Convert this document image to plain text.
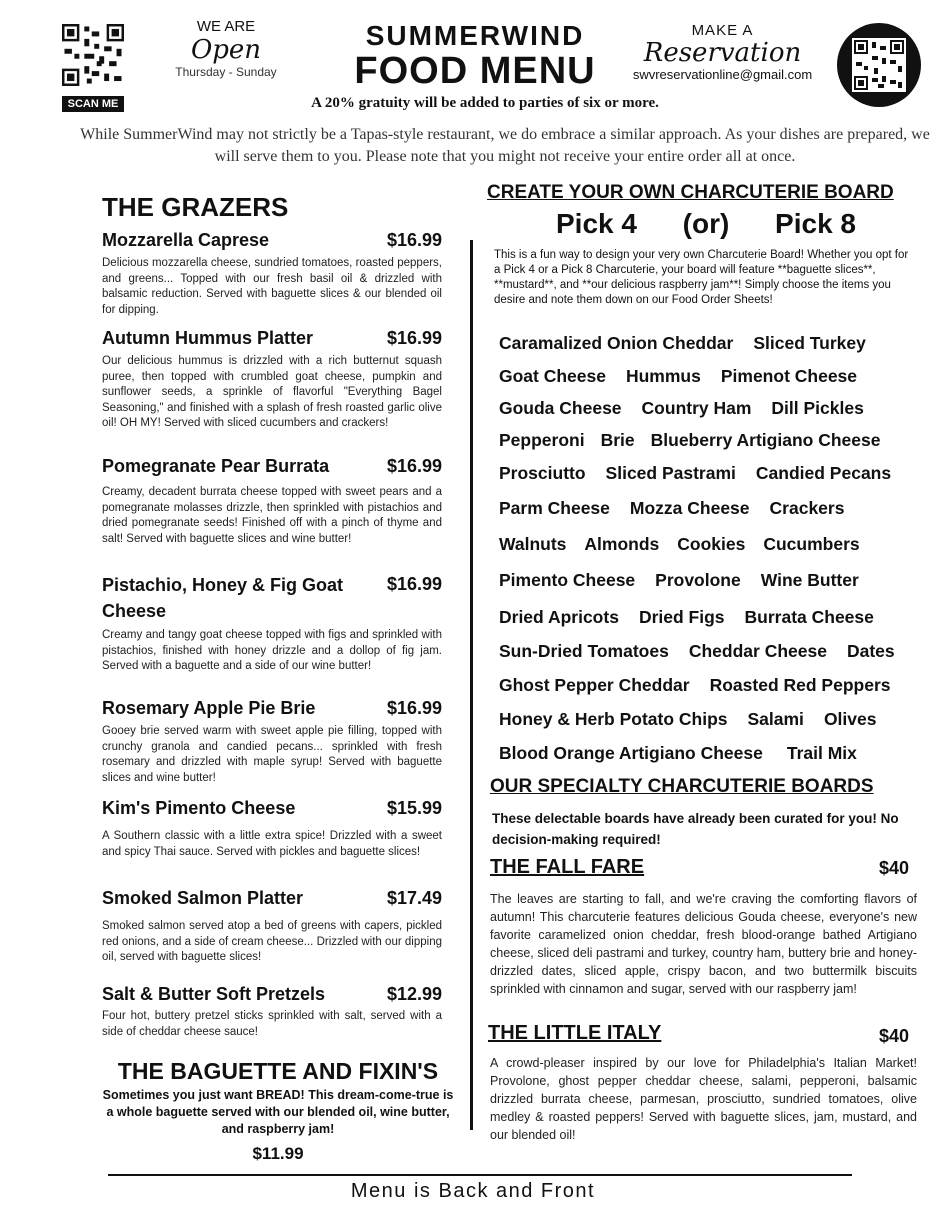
SCAN ME
WE ARE
Open
Thursday - Sunday
SUMMERWIND
FOOD MENU
MAKE A
Reservation
swvreservationline@gmail.com
A 20% gratuity will be added to parties of six or more.
While SummerWind may not strictly be a Tapas-style restaurant, we do embrace a similar approach. As your dishes are prepared, we will serve them to you. Please note that you might not receive your entire order all at once.
THE GRAZERS
Mozzarella Caprese	$16.99
Delicious mozzarella cheese, sundried tomatoes, roasted peppers, and greens... Topped with our fresh basil oil & drizzled with balsamic reduction. Served with baguette slices & our blended oil for dipping.
Autumn Hummus Platter	$16.99
Our delicious hummus is drizzled with a rich butternut squash puree, then topped with crumbled goat cheese, pumpkin and sunflower seeds, a sprinkle of flavorful "Everything Bagel Seasoning," and finished with a splash of fresh roasted garlic olive oil! OH MY! Served with sliced cucumbers and crackers!
Pomegranate Pear Burrata	$16.99
Creamy, decadent burrata cheese topped with sweet pears and a pomegranate molasses drizzle, then sprinkled with pistachios and dried pomegranate seeds! Finished off with a pinch of thyme and salt! Served with baguette slices and wine butter!
Pistachio, Honey & Fig Goat Cheese
$16.99
Creamy and tangy goat cheese topped with figs and sprinkled with pistachios, finished with honey drizzle and a dollop of fig jam. Served with a baguette and a side of our wine butter!
Rosemary Apple Pie Brie	$16.99
Gooey brie served warm with sweet apple pie filling, topped with crunchy granola and candied pecans... sprinkled with fresh rosemary and drizzled with maple syrup! Served with baguette slices and wine butter!
Kim's Pimento Cheese	$15.99
A Southern classic with a little extra spice! Drizzled with a sweet and spicy Thai sauce. Served with pickles and baguette slices!
Smoked Salmon Platter	$17.49
Smoked salmon served atop a bed of greens with capers, pickled red onions, and a side of cream cheese... Drizzled with our dipping oil, served with baguette slices!
Salt & Butter Soft Pretzels	$12.99
Four hot, buttery pretzel sticks sprinkled with salt, served with a side of cheddar cheese sauce!
THE BAGUETTE AND FIXIN'S
Sometimes you just want BREAD! This dream-come-true is a whole baguette served with our blended oil, wine butter, and raspberry jam!
$11.99
CREATE YOUR OWN CHARCUTERIE BOARD
Pick 4 (or) Pick 8
This is a fun way to design your very own Charcuterie Board! Whether you opt for a Pick 4 or a Pick 8 Charcuterie, your board will feature **baguette slices**, **mustard**, and **our delicious raspberry jam**! Simply choose the items you desire and note them down on our Food Order Sheets!
Caramalized Onion Cheddar Sliced Turkey
Goat Cheese Hummus Pimenot Cheese
Gouda Cheese Country Ham Dill Pickles
Pepperoni Brie Blueberry Artigiano Cheese
Prosciutto Sliced Pastrami Candied Pecans
Parm Cheese Mozza Cheese Crackers
Walnuts Almonds Cookies Cucumbers
Pimento Cheese Provolone Wine Butter
Dried Apricots Dried Figs Burrata Cheese
Sun-Dried Tomatoes Cheddar Cheese Dates
Ghost Pepper Cheddar Roasted Red Peppers
Honey & Herb Potato Chips Salami Olives
Blood Orange Artigiano Cheese Trail Mix
OUR SPECIALTY CHARCUTERIE BOARDS
These delectable boards have already been curated for you! No decision-making required!
THE FALL FARE	$40
The leaves are starting to fall, and we're craving the comforting flavors of autumn! This charcuterie features delicious Gouda cheese, everyone's new favorite caramelized onion cheddar, fresh blood-orange bathed Artigiano cheese, sliced deli pastrami and turkey, country ham, buttery brie and honey-drizzled dates, sliced apple, crispy bacon, and two buttermilk biscuits sprinkled with cinnamon and sugar, served with our raspberry jam!
THE LITTLE ITALY	$40
A crowd-pleaser inspired by our love for Philadelphia's Italian Market! Provolone, ghost pepper cheddar cheese, salami, pepperoni, balsamic drizzled burrata cheese, parmesan, prosciutto, sundried tomatoes, olive medley & roasted peppers! Served with baguette slices, jam, mustard, and our blended oil!
Menu is Back and Front
